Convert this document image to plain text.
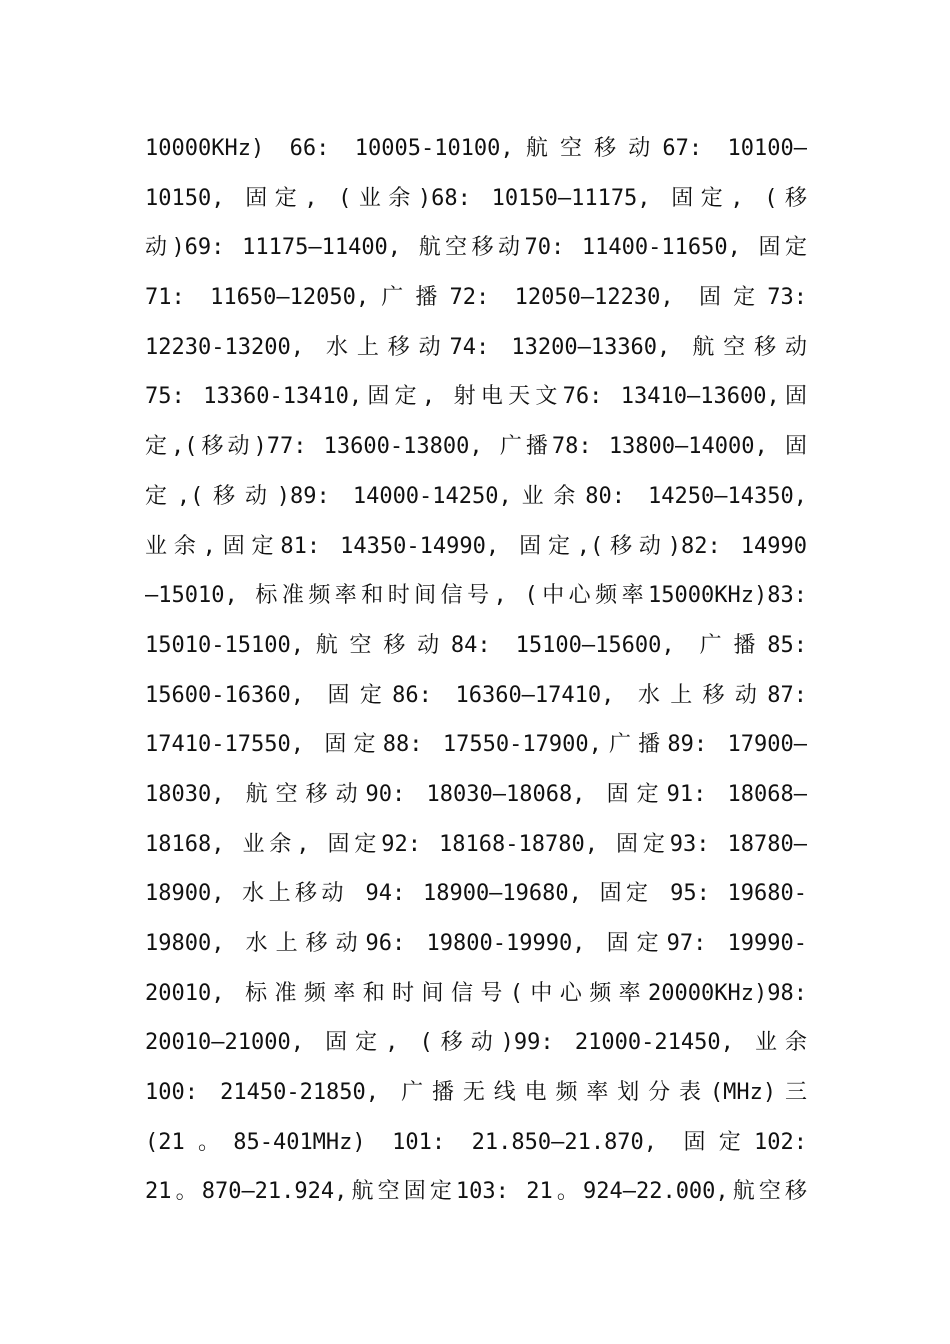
10000KHz) 66: 10005-10100,航空移动67: 10100—
10150, 固定, (业余)68: 10150—11175, 固定, (移
动)69: 11175—11400, 航空移动70: 11400-11650, 固定
71: 11650—12050,广播72: 12050—12230, 固定73:
12230-13200, 水上移动74: 13200—13360, 航空移动
75: 13360-13410,固定, 射电天文76: 13410—13600,固
定,(移动)77: 13600-13800, 广播78: 13800—14000, 固
定,(移动)89: 14000-14250,业余80: 14250—14350,
业余,固定81: 14350-14990, 固定,(移动)82: 14990
—15010, 标准频率和时间信号, (中心频率15000KHz)83:
15010-15100,航空移动84: 15100—15600, 广播85:
15600-16360, 固定86: 16360—17410, 水上移动87:
17410-17550, 固定88: 17550-17900,广播89: 17900—
18030, 航空移动90: 18030—18068, 固定91: 18068—
18168, 业余, 固定92: 18168-18780, 固定93: 18780—
18900, 水上移动 94: 18900—19680, 固定 95: 19680-
19800, 水上移动96: 19800-19990, 固定97: 19990-
20010, 标准频率和时间信号(中心频率20000KHz)98:
20010—21000, 固定, (移动)99: 21000-21450, 业余
100: 21450-21850, 广播无线电频率划分表(MHz)三
(21。85-401MHz) 101: 21.850—21.870, 固定102:
21。870—21.924,航空固定103: 21。924—22.000,航空移
